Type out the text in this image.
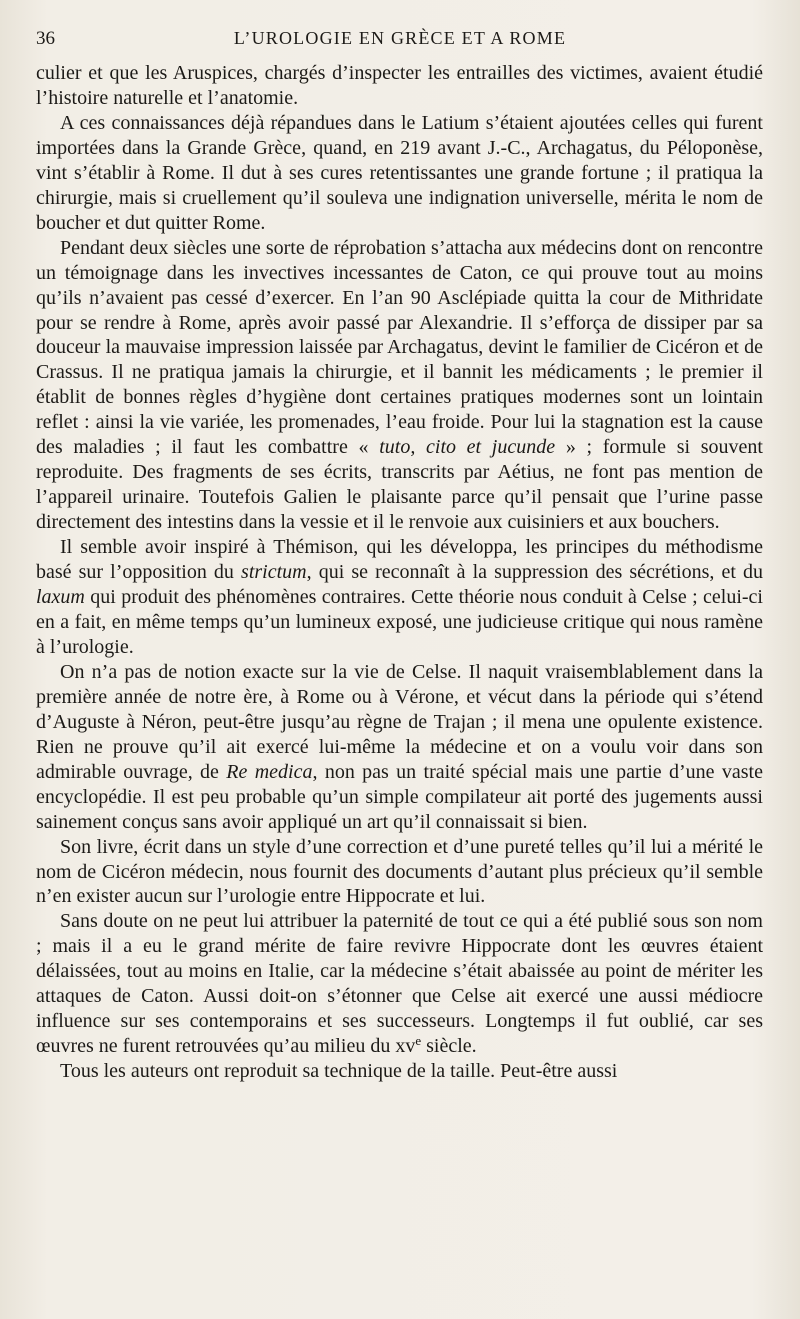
36	L’UROLOGIE EN GRÈCE ET A ROME

culier et que les Aruspices, chargés d’inspecter les entrailles des victimes, avaient étudié l’histoire naturelle et l’anatomie.

A ces connaissances déjà répandues dans le Latium s’étaient ajoutées celles qui furent importées dans la Grande Grèce, quand, en 219 avant J.-C., Archagatus, du Péloponèse, vint s’établir à Rome. Il dut à ses cures retentissantes une grande fortune ; il pratiqua la chirurgie, mais si cruellement qu’il souleva une indignation universelle, mérita le nom de boucher et dut quitter Rome.

Pendant deux siècles une sorte de réprobation s’attacha aux médecins dont on rencontre un témoignage dans les invectives incessantes de Caton, ce qui prouve tout au moins qu’ils n’avaient pas cessé d’exercer. En l’an 90 Asclépiade quitta la cour de Mithridate pour se rendre à Rome, après avoir passé par Alexandrie. Il s’efforça de dissiper par sa douceur la mauvaise impression laissée par Archagatus, devint le familier de Cicéron et de Crassus. Il ne pratiqua jamais la chirurgie, et il bannit les médicaments ; le premier il établit de bonnes règles d’hygiène dont certaines pratiques modernes sont un lointain reflet : ainsi la vie variée, les promenades, l’eau froide. Pour lui la stagnation est la cause des maladies ; il faut les combattre « tuto, cito et jucunde » ; formule si souvent reproduite. Des fragments de ses écrits, transcrits par Aétius, ne font pas mention de l’appareil urinaire. Toutefois Galien le plaisante parce qu’il pensait que l’urine passe directement des intestins dans la vessie et il le renvoie aux cuisiniers et aux bouchers.

Il semble avoir inspiré à Thémison, qui les développa, les principes du méthodisme basé sur l’opposition du strictum, qui se reconnaît à la suppression des sécrétions, et du laxum qui produit des phénomènes contraires. Cette théorie nous conduit à Celse ; celui-ci en a fait, en même temps qu’un lumineux exposé, une judicieuse critique qui nous ramène à l’urologie.

On n’a pas de notion exacte sur la vie de Celse. Il naquit vraisemblablement dans la première année de notre ère, à Rome ou à Vérone, et vécut dans la période qui s’étend d’Auguste à Néron, peut-être jusqu’au règne de Trajan ; il mena une opulente existence. Rien ne prouve qu’il ait exercé lui-même la médecine et on a voulu voir dans son admirable ouvrage, de Re medica, non pas un traité spécial mais une partie d’une vaste encyclopédie. Il est peu probable qu’un simple compilateur ait porté des jugements aussi sainement conçus sans avoir appliqué un art qu’il connaissait si bien.

Son livre, écrit dans un style d’une correction et d’une pureté telles qu’il lui a mérité le nom de Cicéron médecin, nous fournit des documents d’autant plus précieux qu’il semble n’en exister aucun sur l’urologie entre Hippocrate et lui.

Sans doute on ne peut lui attribuer la paternité de tout ce qui a été publié sous son nom ; mais il a eu le grand mérite de faire revivre Hippocrate dont les œuvres étaient délaissées, tout au moins en Italie, car la médecine s’était abaissée au point de mériter les attaques de Caton. Aussi doit-on s’étonner que Celse ait exercé une aussi médiocre influence sur ses contemporains et ses successeurs. Longtemps il fut oublié, car ses œuvres ne furent retrouvées qu’au milieu du $xv^e$ siècle.

Tous les auteurs ont reproduit sa technique de la taille. Peut-être aussi
